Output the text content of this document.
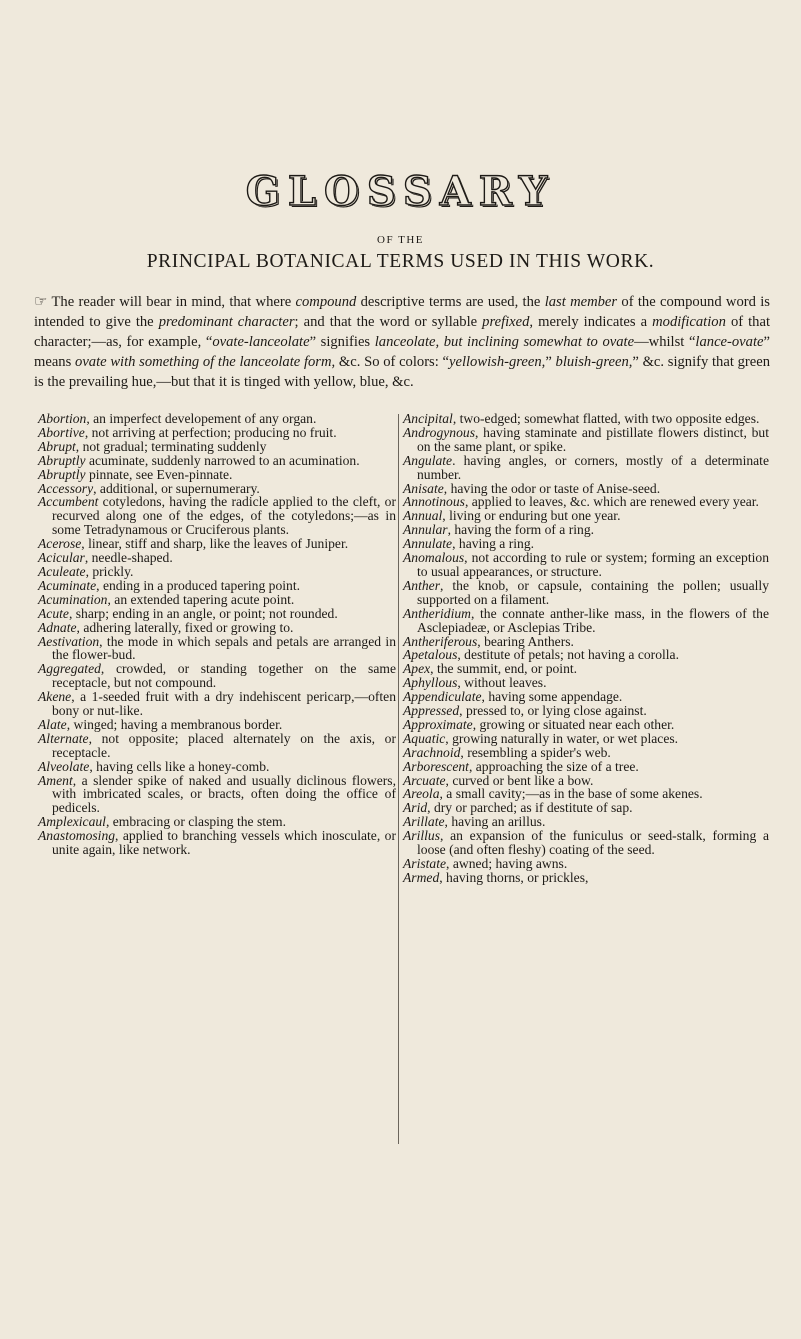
GLOSSARY
OF THE
PRINCIPAL BOTANICAL TERMS USED IN THIS WORK.
☞ The reader will bear in mind, that where compound descriptive terms are used, the last member of the compound word is intended to give the predominant character; and that the word or syllable prefixed, merely indicates a modification of that character;—as, for example, “ovate-lanceolate” signifies lanceolate, but inclining somewhat to ovate—whilst “lance-ovate” means ovate with something of the lanceolate form, &c. So of colors: “yellowish-green,” bluish-green,” &c. signify that green is the prevailing hue,—but that it is tinged with yellow, blue, &c.
Abortion, an imperfect developement of any organ.
Abortive, not arriving at perfection; producing no fruit.
Abrupt, not gradual; terminating suddenly
Abruptly acuminate, suddenly narrowed to an acumination.
Abruptly pinnate, see Even-pinnate.
Accessory, additional, or supernumerary.
Accumbent cotyledons, having the radicle applied to the cleft, or recurved along one of the edges, of the cotyledons;—as in some Tetradynamous or Cruciferous plants.
Acerose, linear, stiff and sharp, like the leaves of Juniper.
Acicular, needle-shaped.
Aculeate, prickly.
Acuminate, ending in a produced tapering point.
Acumination, an extended tapering acute point.
Acute, sharp; ending in an angle, or point; not rounded.
Adnate, adhering laterally, fixed or growing to.
Aestivation, the mode in which sepals and petals are arranged in the flower-bud.
Aggregated, crowded, or standing together on the same receptacle, but not compound.
Akene, a 1-seeded fruit with a dry indehiscent pericarp,—often bony or nut-like.
Alate, winged; having a membranous border.
Alternate, not opposite; placed alternately on the axis, or receptacle.
Alveolate, having cells like a honey-comb.
Ament, a slender spike of naked and usually diclinous flowers, with imbricated scales, or bracts, often doing the office of pedicels.
Amplexicaul, embracing or clasping the stem.
Anastomosing, applied to branching vessels which inosculate, or unite again, like network.
Ancipital, two-edged; somewhat flatted, with two opposite edges.
Androgynous, having staminate and pistillate flowers distinct, but on the same plant, or spike.
Angulate. having angles, or corners, mostly of a determinate number.
Anisate, having the odor or taste of Anise-seed.
Annotinous, applied to leaves, &c. which are renewed every year.
Annual, living or enduring but one year.
Annular, having the form of a ring.
Annulate, having a ring.
Anomalous, not according to rule or system; forming an exception to usual appearances, or structure.
Anther, the knob, or capsule, containing the pollen; usually supported on a filament.
Antheridium, the connate anther-like mass, in the flowers of the Asclepiadeæ, or Asclepias Tribe.
Antheriferous, bearing Anthers.
Apetalous, destitute of petals; not having a corolla.
Apex, the summit, end, or point.
Aphyllous, without leaves.
Appendiculate, having some appendage.
Appressed, pressed to, or lying close against.
Approximate, growing or situated near each other.
Aquatic, growing naturally in water, or wet places.
Arachnoid, resembling a spider's web.
Arborescent, approaching the size of a tree.
Arcuate, curved or bent like a bow.
Areola, a small cavity;—as in the base of some akenes.
Arid, dry or parched; as if destitute of sap.
Arillate, having an arillus.
Arillus, an expansion of the funiculus or seed-stalk, forming a loose (and often fleshy) coating of the seed.
Aristate, awned; having awns.
Armed, having thorns, or prickles,
